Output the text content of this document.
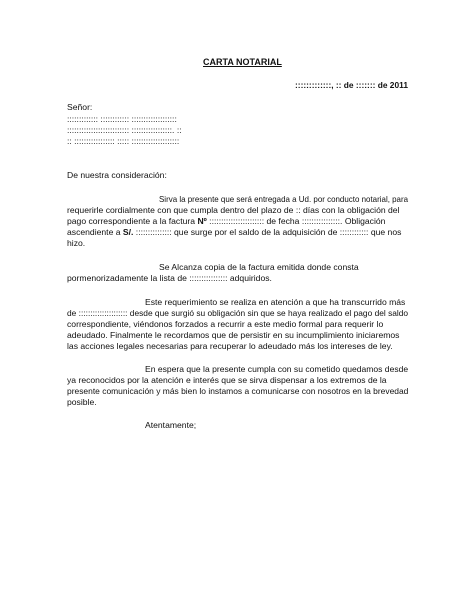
CARTA NOTARIAL
:::::::::::::, :: de ::::::: de 2011
Señor:
::::::::::::: :::::::::::: :::::::::::::::::::
:::::::::::::::::::::::::: :::::::::::::::::. ::
:: ::::::::::::::::: ::::: ::::::::::::::::::::
De nuestra consideración:
Sirva la presente que será entregada a Ud. por conducto notarial, para
requerirle cordialmente con que cumpla dentro del plazo de :: días con la obligación del
pago correspondiente a la factura Nº ::::::::::::::::::::::: de fecha ::::::::::::::::. Obligación
ascendiente a S/. ::::::::::::::: que surge por el saldo de la adquisición de :::::::::::: que nos
hizo.
Se Alcanza copia de la factura emitida donde consta
pormenorizadamente la lista de :::::::::::::::: adquiridos.
Este requerimiento se realiza en atención a que ha transcurrido más
de ::::::::::::::::::::: desde que surgió su obligación sin que se haya realizado el pago del saldo
correspondiente, viéndonos forzados a recurrir a este medio formal para requerir lo
adeudado. Finalmente le recordamos que de persistir en su incumplimiento iniciaremos
las acciones legales necesarias para recuperar lo adeudado más los intereses de ley.
En espera que la presente cumpla con su cometido quedamos desde
ya reconocidos por la atención e interés que se sirva dispensar a los extremos de la
presente comunicación y más bien lo instamos a comunicarse con nosotros en la brevedad
posible.
Atentamente;
